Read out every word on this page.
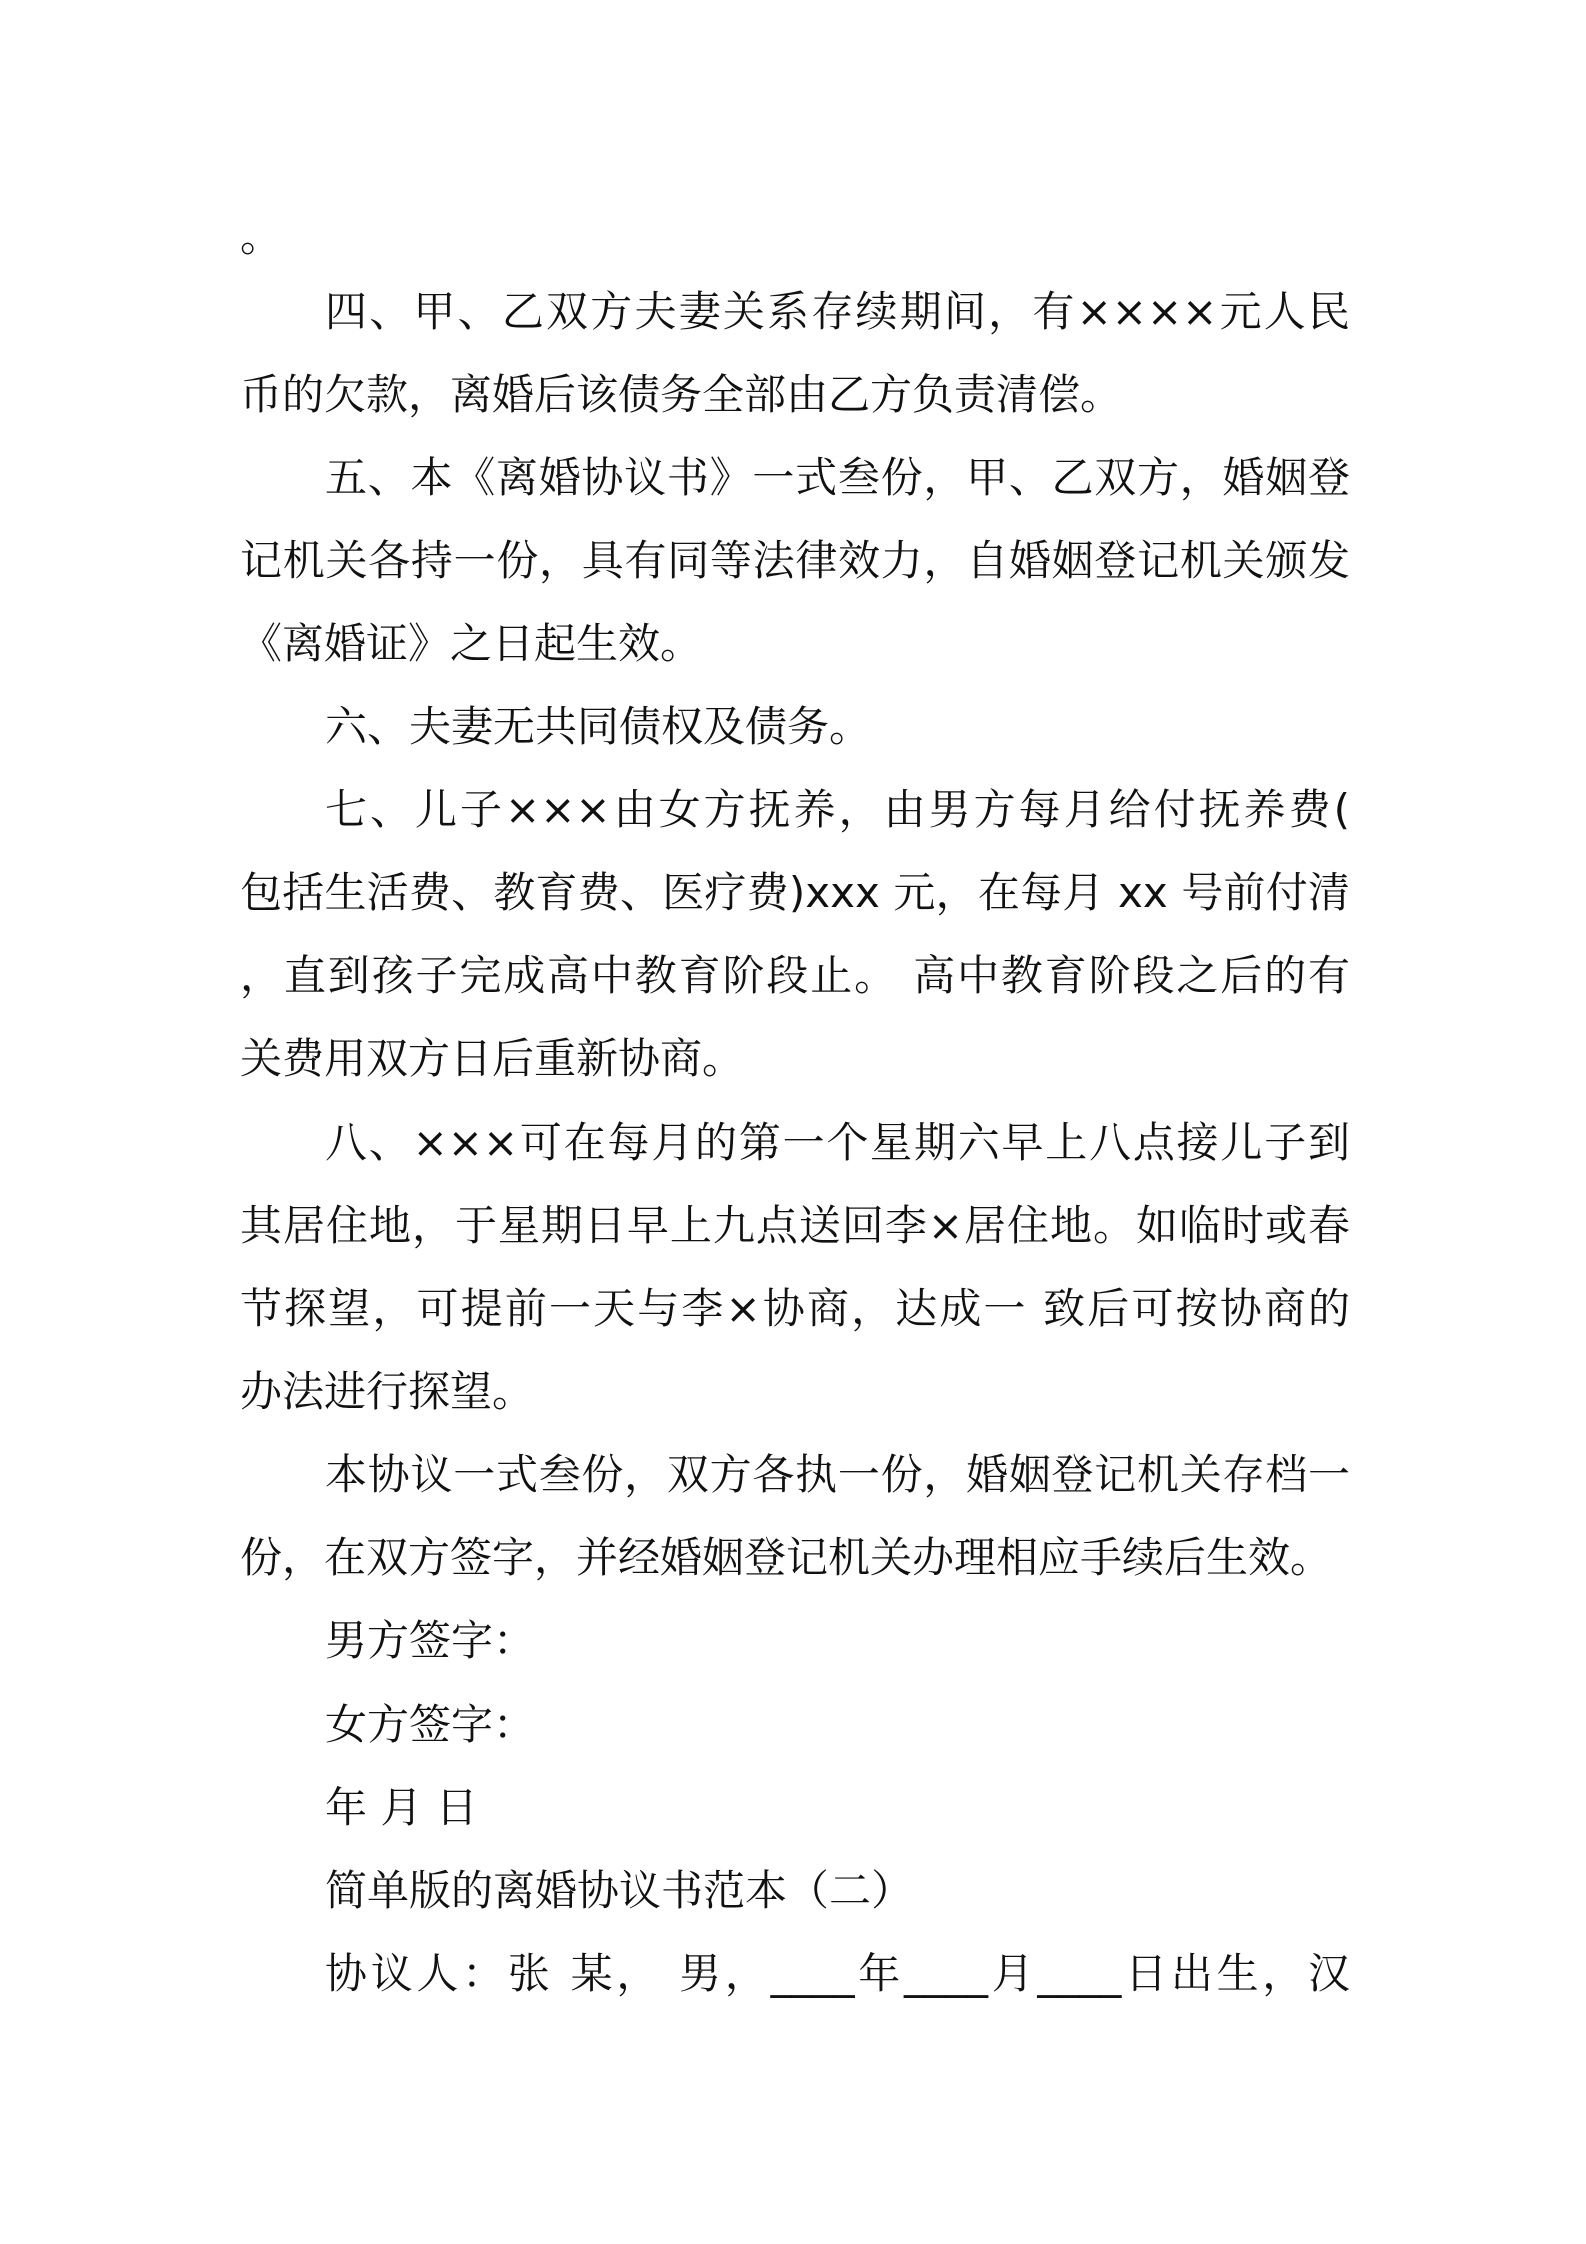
。
四、甲、乙双方夫妻关系存续期间，有××××元人民
币的欠款，离婚后该债务全部由乙方负责清偿。
五、本《离婚协议书》一式叁份，甲、乙双方，婚姻登
记机关各持一份，具有同等法律效力，自婚姻登记机关颁发
《离婚证》之日起生效。
六、夫妻无共同债权及债务。
七、儿子×××由女方抚养，由男方每月给付抚养费(
包括生活费、教育费、医疗费)xxx 元，在每月 xx 号前付清
，直到孩子完成高中教育阶段止。 高中教育阶段之后的有
关费用双方日后重新协商。
八、×××可在每月的第一个星期六早上八点接儿子到
其居住地，于星期日早上九点送回李×居住地。如临时或春
节探望，可提前一天与李×协商，达成一 致后可按协商的
办法进行探望。
本协议一式叁份，双方各执一份，婚姻登记机关存档一
份，在双方签字，并经婚姻登记机关办理相应手续后生效。
男方签字：
女方签字：
年 月 日
简单版的离婚协议书范本（二）
协议人：张 某， 男，____年____月____日出生，汉
